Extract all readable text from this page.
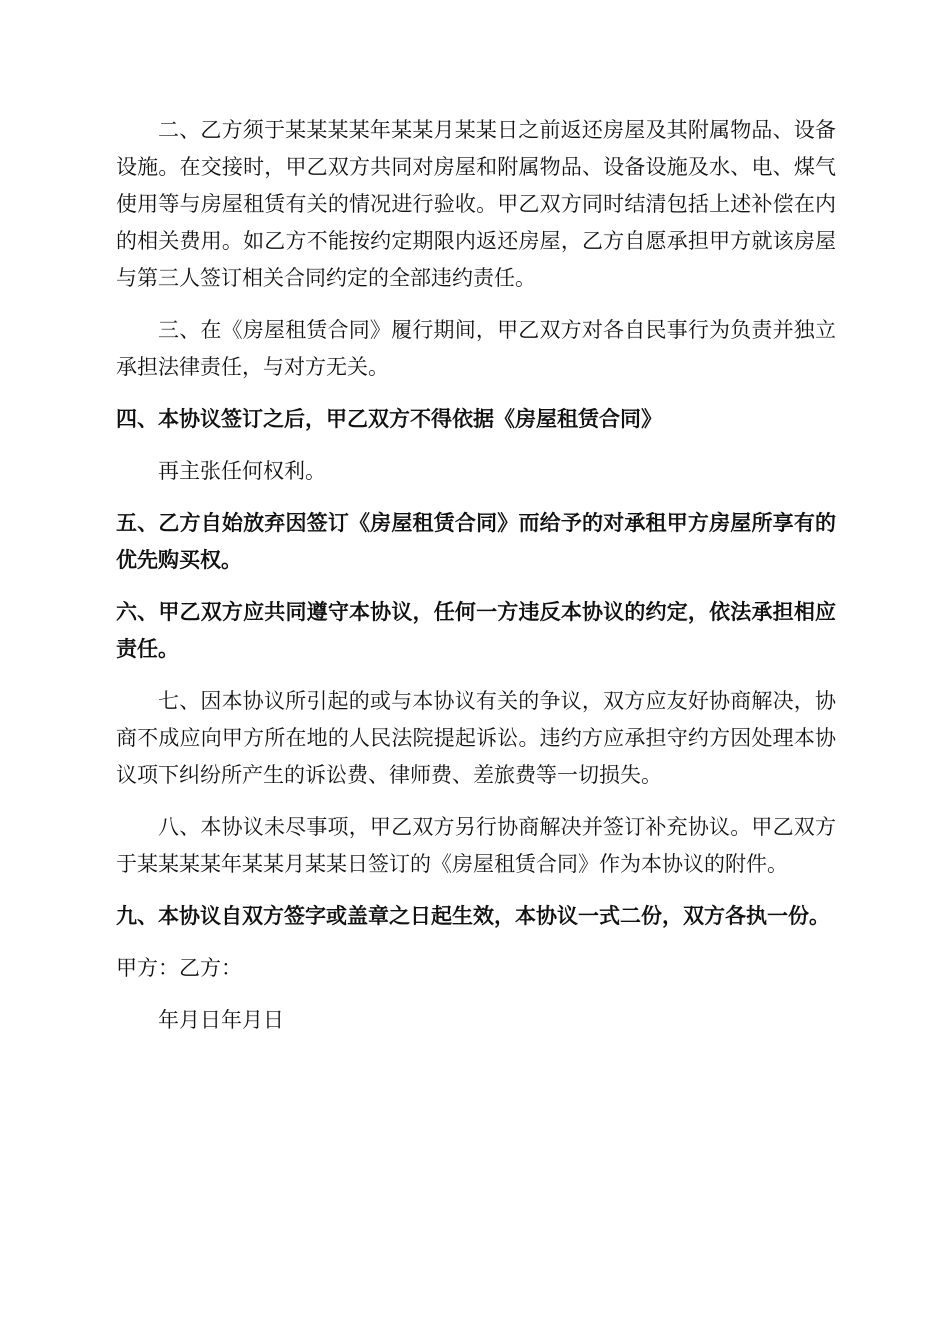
二、乙方须于某某某某年某某月某某日之前返还房屋及其附属物品、设备设施。在交接时，甲乙双方共同对房屋和附属物品、设备设施及水、电、煤气使用等与房屋租赁有关的情况进行验收。甲乙双方同时结清包括上述补偿在内的相关费用。如乙方不能按约定期限内返还房屋，乙方自愿承担甲方就该房屋与第三人签订相关合同约定的全部违约责任。

三、在《房屋租赁合同》履行期间，甲乙双方对各自民事行为负责并独立承担法律责任，与对方无关。

四、本协议签订之后，甲乙双方不得依据《房屋租赁合同》

再主张任何权利。

五、乙方自始放弃因签订《房屋租赁合同》而给予的对承租甲方房屋所享有的优先购买权。

六、甲乙双方应共同遵守本协议，任何一方违反本协议的约定，依法承担相应责任。

七、因本协议所引起的或与本协议有关的争议，双方应友好协商解决，协商不成应向甲方所在地的人民法院提起诉讼。违约方应承担守约方因处理本协议项下纠纷所产生的诉讼费、律师费、差旅费等一切损失。

八、本协议未尽事项，甲乙双方另行协商解决并签订补充协议。甲乙双方于某某某某年某某月某某日签订的《房屋租赁合同》作为本协议的附件。

九、本协议自双方签字或盖章之日起生效，本协议一式二份，双方各执一份。

甲方：乙方：

年月日年月日
